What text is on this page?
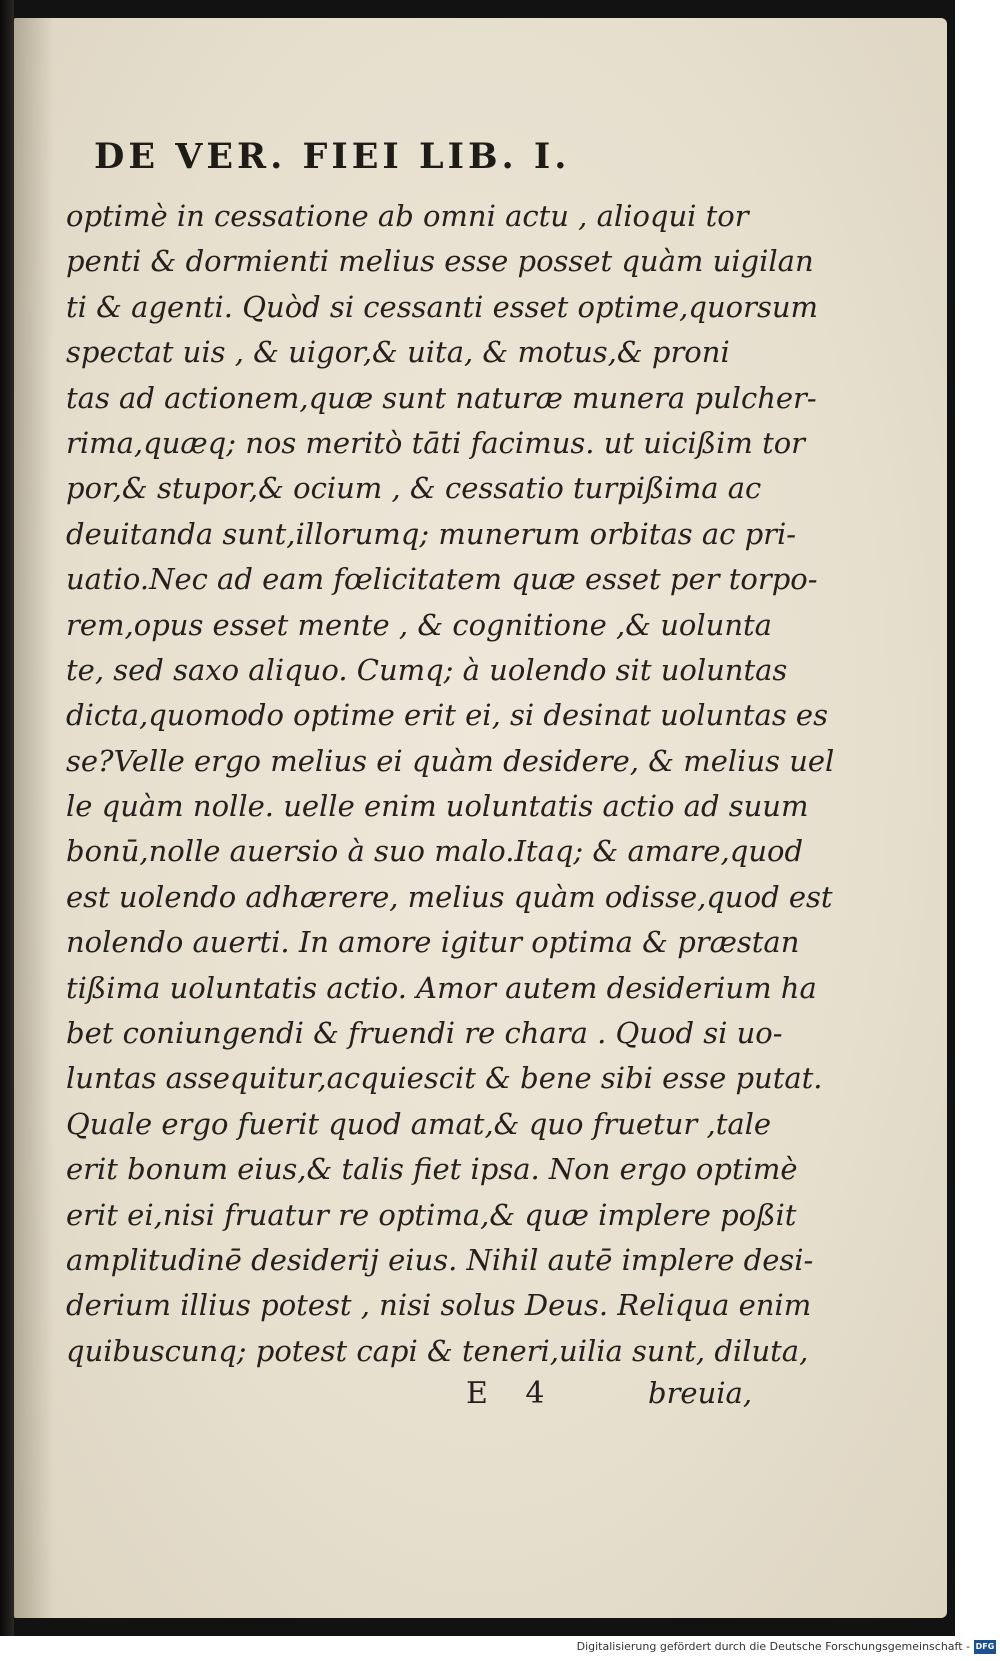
DE VER. FIEI LIB. I.
optimè in cessatione ab omni actu , alioqui tor
penti & dormienti melius esse posset quàm uigilan
ti & agenti. Quòd si cessanti esset optime,quorsum
spectat uis , & uigor,& uita, & motus,& proni
tas ad actionem,quæ sunt naturæ munera pulcher-
rima,quæq; nos meritò tāti facimus. ut uicißim tor
por,& stupor,& ocium , & cessatio turpißima ac
deuitanda sunt,illorumq; munerum orbitas ac pri-
uatio.Nec ad eam fœlicitatem quæ esset per torpo-
rem,opus esset mente , & cognitione ,& uolunta
te, sed saxo aliquo. Cumq; à uolendo sit uoluntas
dicta,quomodo optime erit ei, si desinat uoluntas es
se?Velle ergo melius ei quàm desidere, & melius uel
le quàm nolle. uelle enim uoluntatis actio ad suum
bonū,nolle auersio à suo malo.Itaq; & amare,quod
est uolendo adhærere, melius quàm odisse,quod est
nolendo auerti. In amore igitur optima & præstan
tißima uoluntatis actio. Amor autem desiderium ha
bet coniungendi & fruendi re chara . Quod si uo-
luntas assequitur,acquiescit & bene sibi esse putat.
Quale ergo fuerit quod amat,& quo fruetur ,tale
erit bonum eius,& talis fiet ipsa. Non ergo optimè
erit ei,nisi fruatur re optima,& quæ implere poßit
amplitudinē desiderij eius. Nihil autē implere desi-
derium illius potest , nisi solus Deus. Reliqua enim
quibuscunq; potest capi & teneri,uilia sunt, diluta,

E 4	breuia,

Digitalisierung gefördert durch die Deutsche Forschungsgemeinschaft - DFG
